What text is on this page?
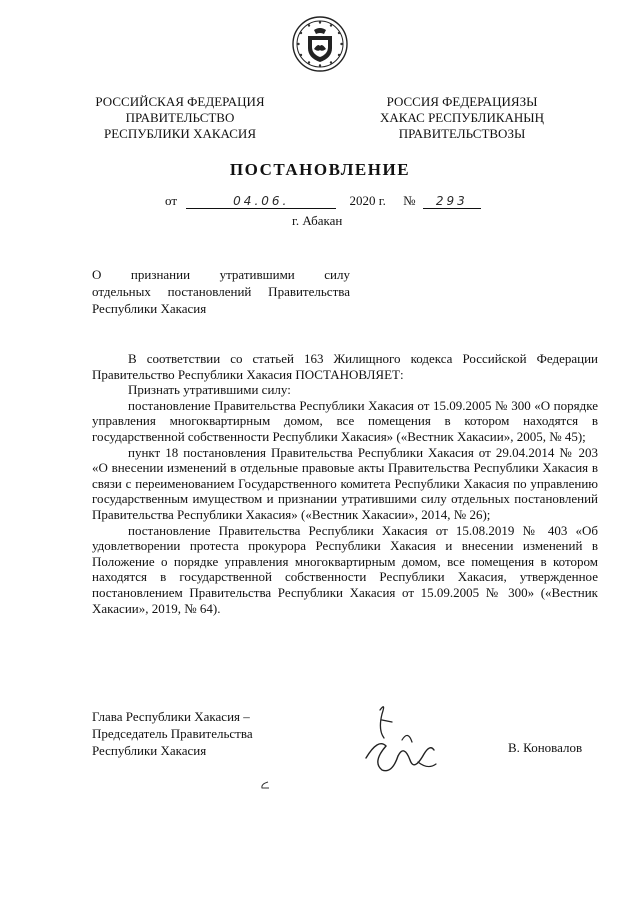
РОССИЙСКАЯ ФЕДЕРАЦИЯ
ПРАВИТЕЛЬСТВО
РЕСПУБЛИКИ ХАКАСИЯ
РОССИЯ ФЕДЕРАЦИЯЗЫ
ХАКАС РЕСПУБЛИКАНЫҢ
ПРАВИТЕЛЬСТВОЗЫ
ПОСТАНОВЛЕНИЕ
от	04.06.	2020 г. № 293
г. Абакан
О признании утратившими силу
отдельных постановлений Правительства
Республики Хакасия

В соответствии со статьей 163 Жилищного кодекса Российской Федерации Правительство Республики Хакасия ПОСТАНОВЛЯЕТ:

Признать утратившими силу:

постановление Правительства Республики Хакасия от 15.09.2005 № 300 «О порядке управления многоквартирным домом, все помещения в котором находятся в государственной собственности Республики Хакасия» («Вестник Хакасии», 2005, № 45);

пункт 18 постановления Правительства Республики Хакасия от 29.04.2014 № 203 «О внесении изменений в отдельные правовые акты Правительства Республики Хакасия в связи с переименованием Государственного комитета Республики Хакасия по управлению государственным имуществом и признании утратившими силу отдельных постановлений Правительства Республики Хакасия» («Вестник Хакасии», 2014, № 26);

постановление Правительства Республики Хакасия от 15.08.2019 № 403 «Об удовлетворении протеста прокурора Республики Хакасия и внесении изменений в Положение о порядке управления многоквартирным домом, все помещения в котором находятся в государственной собственности Республики Хакасия, утвержденное постановлением Правительства Республики Хакасия от 15.09.2005 № 300» («Вестник Хакасии», 2019, № 64).

Глава Республики Хакасия –
Председатель Правительства
Республики Хакасия	В. Коновалов
